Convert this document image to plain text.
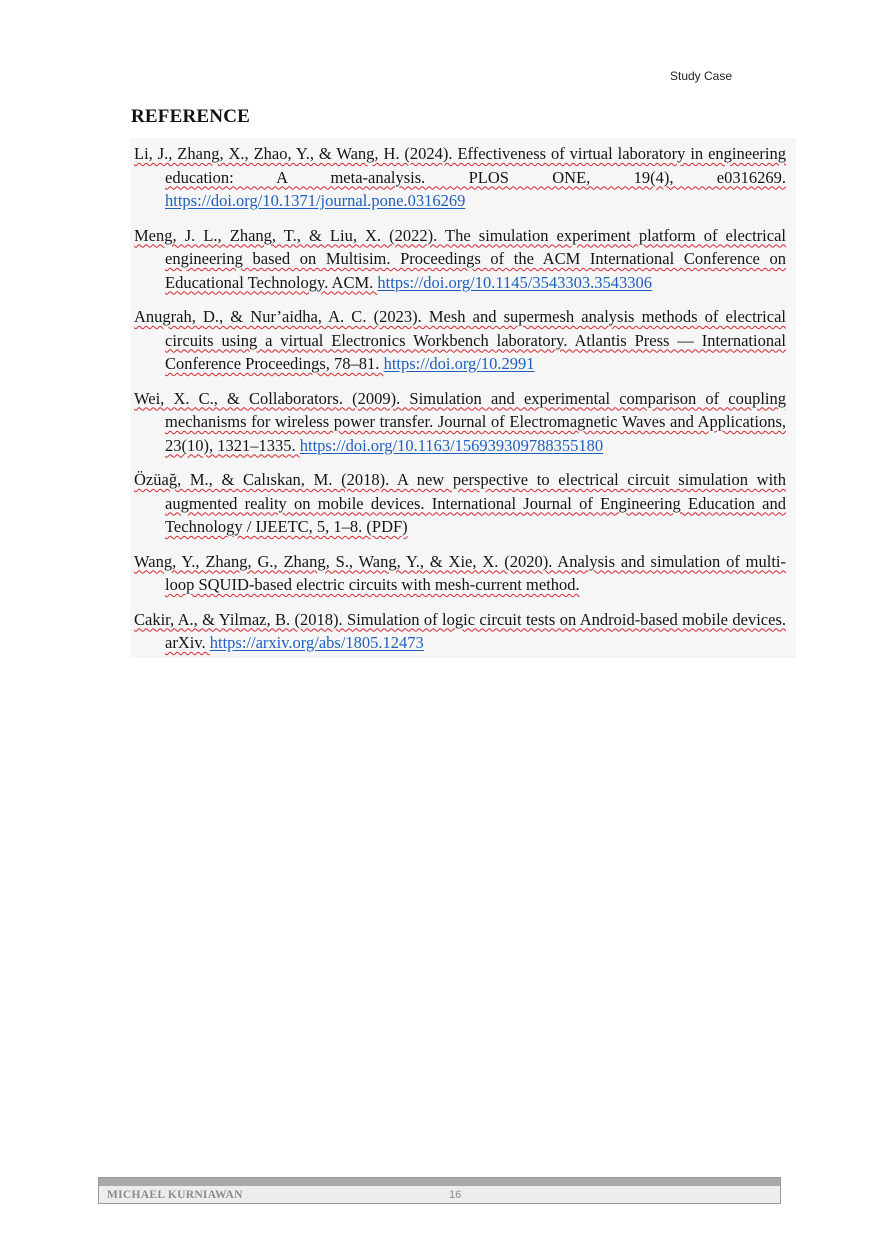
Study Case
REFERENCE
Li, J., Zhang, X., Zhao, Y., & Wang, H. (2024). Effectiveness of virtual laboratory in engineering education: A meta-analysis. PLOS ONE, 19(4), e0316269. https://doi.org/10.1371/journal.pone.0316269
Meng, J. L., Zhang, T., & Liu, X. (2022). The simulation experiment platform of electrical engineering based on Multisim. Proceedings of the ACM International Conference on Educational Technology. ACM. https://doi.org/10.1145/3543303.3543306
Anugrah, D., & Nur’aidha, A. C. (2023). Mesh and supermesh analysis methods of electrical circuits using a virtual Electronics Workbench laboratory. Atlantis Press — International Conference Proceedings, 78–81. https://doi.org/10.2991
Wei, X. C., & Collaborators. (2009). Simulation and experimental comparison of coupling mechanisms for wireless power transfer. Journal of Electromagnetic Waves and Applications, 23(10), 1321–1335. https://doi.org/10.1163/156939309788355180
Özüağ, M., & Calıskan, M. (2018). A new perspective to electrical circuit simulation with augmented reality on mobile devices. International Journal of Engineering Education and Technology / IJEETC, 5, 1–8. (PDF)
Wang, Y., Zhang, G., Zhang, S., Wang, Y., & Xie, X. (2020). Analysis and simulation of multi-loop SQUID-based electric circuits with mesh-current method.
Cakir, A., & Yilmaz, B. (2018). Simulation of logic circuit tests on Android-based mobile devices. arXiv. https://arxiv.org/abs/1805.12473
MICHAEL KURNIAWAN	16
